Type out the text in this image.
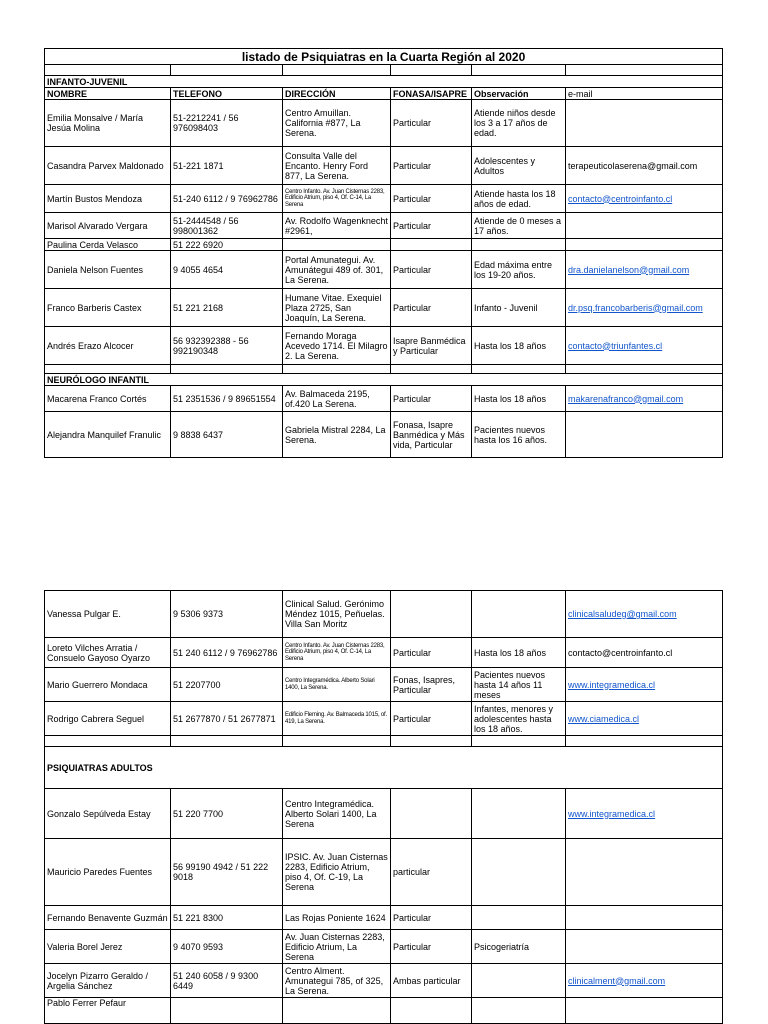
listado de Psiquiatras en la Cuarta Región al 2020					

INFANTO-JUVENIL					
NOMBRE	TELEFONO	DIRECCIÓN	FONASA/ISAPRE	Observación	e-mail
Emilia Monsalve / María Jesúa Molina	51-2212241 / 56 976098403	Centro Amuillan. California #877, La Serena.	Particular	Atiende niños desde los 3 a 17 años de edad.	
Casandra Parvex Maldonado	51-221 1871	Consulta Valle del Encanto. Henry Ford 877, La Serena.	Particular	Adolescentes y Adultos	terapeuticolaserena@gmail.com
Martín Bustos Mendoza	51-240 6112 / 9 76962786	Centro Infanto. Av. Juan Cisternas 2283, Edificio Atrium, piso 4, Of. C-14, La Serena	Particular	Atiende hasta los 18 años de edad.	contacto@centroinfanto.cl
Marisol Alvarado Vergara	51-2444548 / 56 998001362	Av. Rodolfo Wagenknecht #2961,	Particular	Atiende de 0 meses a 17 años.	
Paulina Cerda Velasco	51 222 6920				
Daniela Nelson Fuentes	9 4055 4654	Portal Amunategui. Av. Amunátegui 489 of. 301, La Serena.	Particular	Edad máxima entre los 19-20 años.	dra.danielanelson@gmail.com
Franco Barberis Castex	51 221 2168	Humane Vitae. Exequiel Plaza 2725, San Joaquín, La Serena.	Particular	Infanto - Juvenil	dr.psq.francobarberis@gmail.com
Andrés Erazo Alcocer	56 932392388 - 56 992190348	Fernando Moraga Acevedo 1714. El Milagro 2. La Serena.	Isapre Banmédica y Particular	Hasta los 18 años	contacto@triunfantes.cl

NEURÓLOGO INFANTIL					
Macarena Franco Cortés	51 2351536 / 9 89651554	Av. Balmaceda 2195, of.420 La Serena.	Particular	Hasta los 18 años	makarenafranco@gmail.com
Alejandra Manquilef Franulic	9 8838 6437	Gabriela Mistral 2284, La Serena.	Fonasa, Isapre Banmédica y Más vida, Particular	Pacientes nuevos hasta los 16 años.	
Vanessa Pulgar E.	9 5306 9373	Clinical Salud. Gerónimo Méndez 1015, Peñuelas. Villa San Moritz			clinicalsaludeg@gmail.com
Loreto Vilches Arratia / Consuelo Gayoso Oyarzo	51 240 6112 / 9 76962786	Centro Infanto. Av. Juan Cisternas 2283, Edificio Atrium, piso 4, Of. C-14, La Serena	Particular	Hasta los 18 años	contacto@centroinfanto.cl
Mario Guerrero Mondaca	51 2207700	Centro Integramédica. Alberto Solari 1400, La Serena.	Fonas, Isapres, Particular	Pacientes nuevos hasta 14 años 11 meses	www.integramedica.cl
Rodrigo Cabrera Seguel	51 2677870 / 51 2677871	Edificio Fleming. Av. Balmaceda 1015, of. 419, La Serena.	Particular	Infantes, menores y adolescentes hasta los 18 años.	www.ciamedica.cl

PSIQUIATRAS ADULTOS					
Gonzalo Sepúlveda Estay	51 220 7700	Centro Integramédica. Alberto Solari 1400, La Serena			www.integramedica.cl
Mauricio Paredes Fuentes	56 99190 4942 / 51 222 9018	IPSIC. Av. Juan Cisternas 2283, Edificio Atrium, piso 4, Of. C-19, La Serena	particular		
Fernando Benavente Guzmán	51 221 8300	Las Rojas Poniente 1624	Particular		
Valeria Borel Jerez	9 4070 9593	Av. Juan Cisternas 2283, Edificio Atrium, La Serena	Particular	Psicogeriatría	
Jocelyn Pizarro Geraldo / Argelia Sánchez	51 240 6058 / 9 9300 6449	Centro Alment. Amunategui 785, of 325, La Serena.	Ambas particular		clinicalment@gmail.com
Pablo Ferrer Pefaur					
